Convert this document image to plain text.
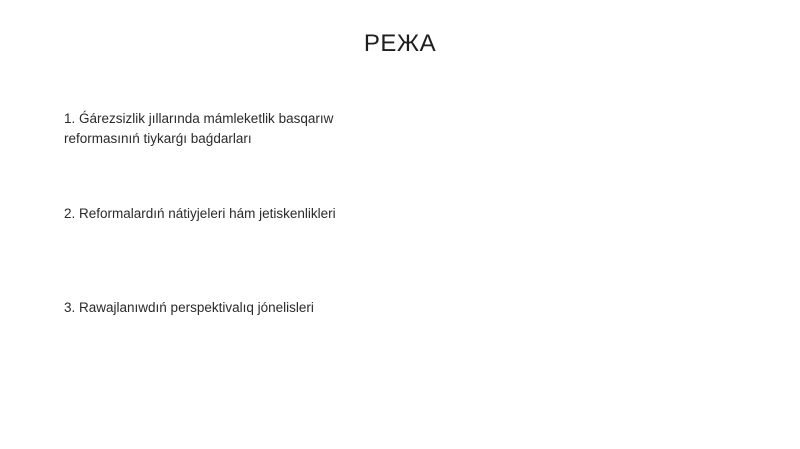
РЕЖА

1. Ǵárezsizlik jıllarında mámleketlik basqarıw reformasınıń tiykarǵı baǵdarları

2. Reformalardıń nátiyjeleri hám jetiskenlikleri

3. Rawajlanıwdıń perspektivalıq jónelisleri
